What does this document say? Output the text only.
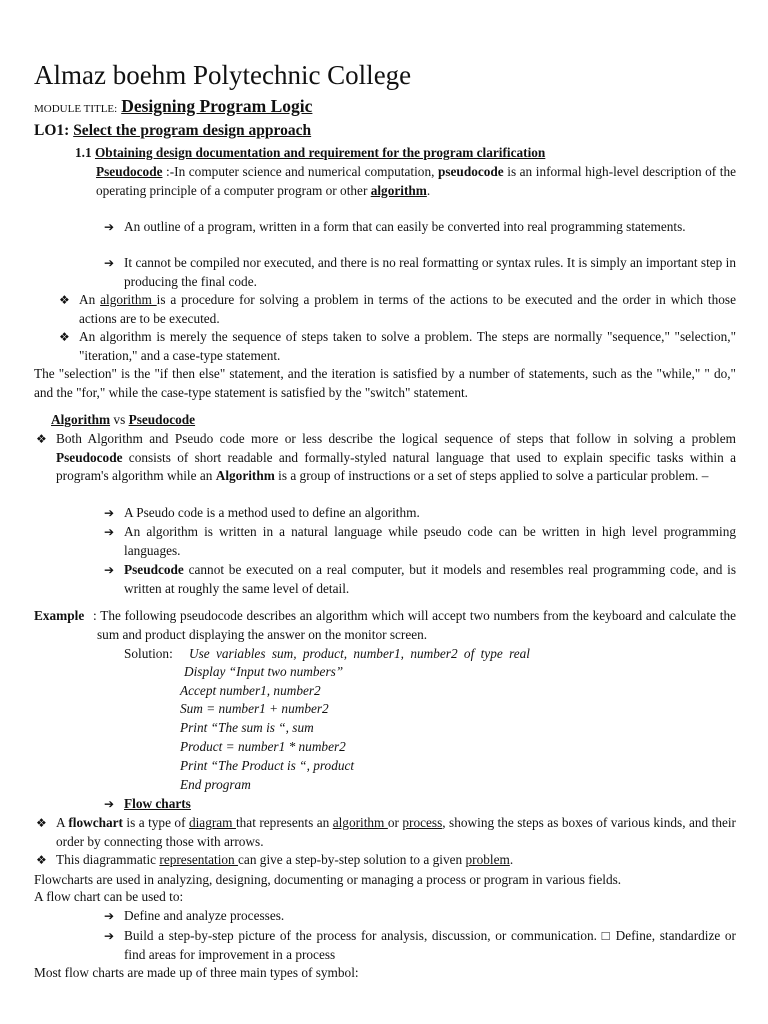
Almaz boehm Polytechnic College
MODULE TITLE: Designing Program Logic
LO1: Select the program design approach
1.1 Obtaining design documentation and requirement for the program clarification
Pseudocode :-In computer science and numerical computation, pseudocode is an informal high-level description of the operating principle of a computer program or other algorithm.
➔ An outline of a program, written in a form that can easily be converted into real programming statements.
➔ It cannot be compiled nor executed, and there is no real formatting or syntax rules. It is simply an important step in producing the final code.
❖ An algorithm is a procedure for solving a problem in terms of the actions to be executed and the order in which those actions are to be executed.
❖ An algorithm is merely the sequence of steps taken to solve a problem. The steps are normally "sequence," "selection," "iteration," and a case-type statement.
The "selection" is the "if then else" statement, and the iteration is satisfied by a number of statements, such as the "while," " do," and the "for," while the case-type statement is satisfied by the "switch" statement.
Algorithm vs Pseudocode
❖ Both Algorithm and Pseudo code more or less describe the logical sequence of steps that follow in solving a problem Pseudocode consists of short readable and formally-styled natural language that used to explain specific tasks within a program's algorithm while an Algorithm is a group of instructions or a set of steps applied to solve a particular problem. –
➔ A Pseudo code is a method used to define an algorithm.
➔ An algorithm is written in a natural language while pseudo code can be written in high level programming languages.
➔ Pseudcode cannot be executed on a real computer, but it models and resembles real programming code, and is written at roughly the same level of detail.
Example : The following pseudocode describes an algorithm which will accept two numbers from the keyboard and calculate the sum and product displaying the answer on the monitor screen.
Solution: Use variables sum, product, number1, number2 of type real
Display “Input two numbers”
Accept number1, number2
Sum = number1 + number2
Print “The sum is “, sum
Product = number1 * number2
Print “The Product is “, product
End program
➔ Flow charts
❖ A flowchart is a type of diagram that represents an algorithm or process, showing the steps as boxes of various kinds, and their order by connecting those with arrows.
❖ This diagrammatic representation can give a step-by-step solution to a given problem.
Flowcharts are used in analyzing, designing, documenting or managing a process or program in various fields.
A flow chart can be used to:
➔ Define and analyze processes.
➔ Build a step-by-step picture of the process for analysis, discussion, or communication. □ Define, standardize or find areas for improvement in a process
Most flow charts are made up of three main types of symbol:
